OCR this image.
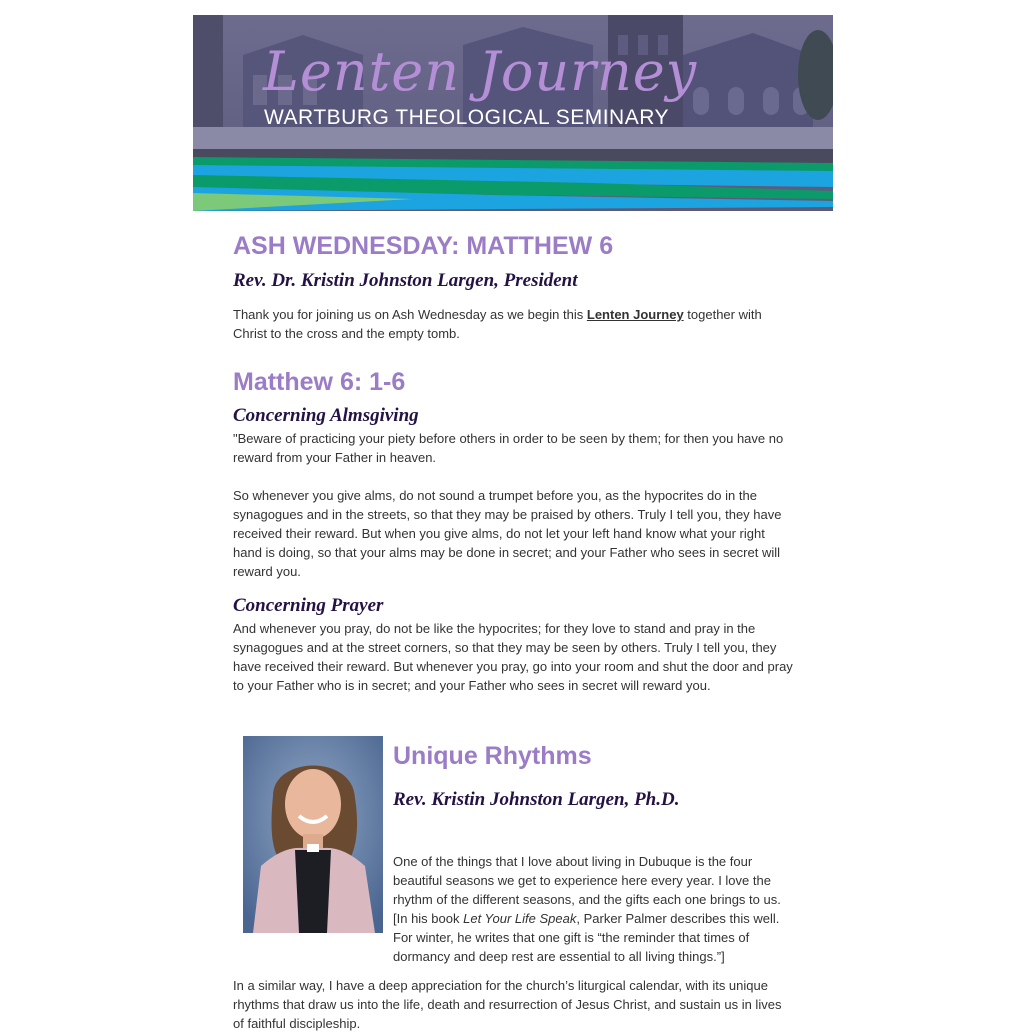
Lenten Journey
WARTBURG THEOLOGICAL SEMINARY
ASH WEDNESDAY: MATTHEW 6
Rev. Dr. Kristin Johnston Largen, President

Thank you for joining us on Ash Wednesday as we begin this Lenten Journey together with Christ to the cross and the empty tomb.

Matthew 6: 1-6
Concerning Almsgiving

"Beware of practicing your piety before others in order to be seen by them; for then you have no reward from your Father in heaven.

So whenever you give alms, do not sound a trumpet before you, as the hypocrites do in the synagogues and in the streets, so that they may be praised by others. Truly I tell you, they have received their reward. But when you give alms, do not let your left hand know what your right hand is doing, so that your alms may be done in secret; and your Father who sees in secret will reward you.

Concerning Prayer

And whenever you pray, do not be like the hypocrites; for they love to stand and pray in the synagogues and at the street corners, so that they may be seen by others. Truly I tell you, they have received their reward. But whenever you pray, go into your room and shut the door and pray to your Father who is in secret; and your Father who sees in secret will reward you.

Unique Rhythms
Rev. Kristin Johnston Largen, Ph.D.

One of the things that I love about living in Dubuque is the four beautiful seasons we get to experience here every year. I love the rhythm of the different seasons, and the gifts each one brings to us. [In his book Let Your Life Speak, Parker Palmer describes this well. For winter, he writes that one gift is “the reminder that times of dormancy and deep rest are essential to all living things.”]

In a similar way, I have a deep appreciation for the church’s liturgical calendar, with its unique rhythms that draw us into the life, death and resurrection of Jesus Christ, and sustain us in lives of faithful discipleship.
